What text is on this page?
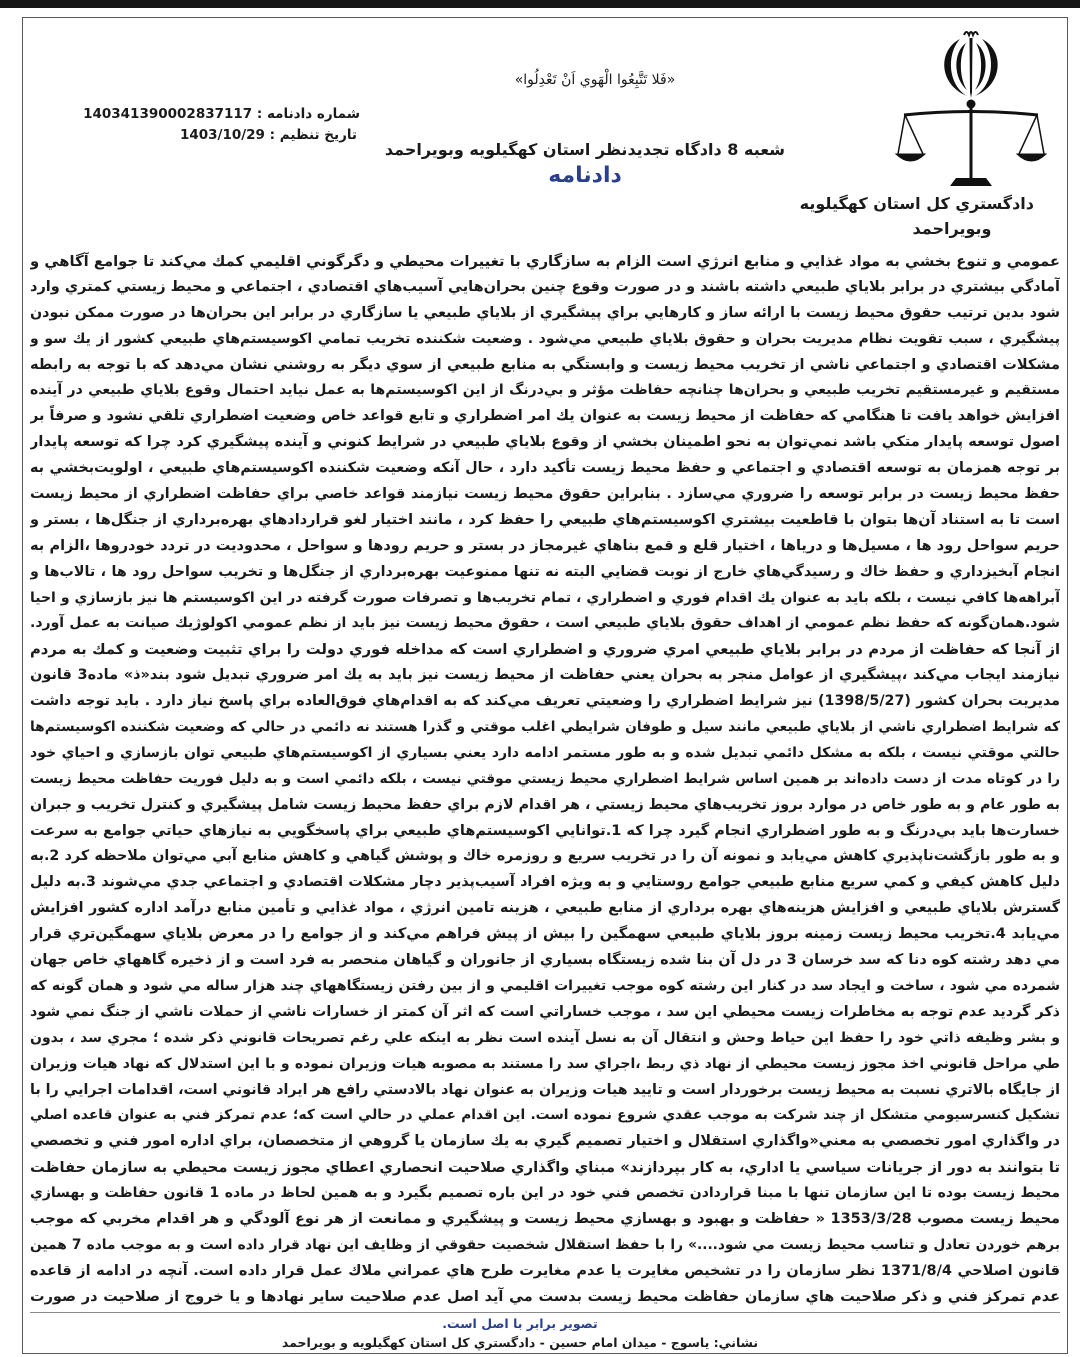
«فَلا تَتَّبِعُوا الْهَوي اَنْ تَعْدِلُوا»
شماره دادنامه : 140341390002837117
تاريخ تنظيم : 1403/10/29
شعبه 8 دادگاه تجديدنظر استان كهگيلويه وبويراحمد
دادنامه
دادگستري كل استان كهگيلويه
وبويراحمد
عمومي و تنوع بخشي به مواد غذايي و منابع انرژي است الزام به سازگاري با تغييرات محيطي و دگرگوني اقليمي كمك مي‌كند تا جوامع آگاهي و
آمادگي بيشتري در برابر بلاياي طبيعي داشته باشند و در صورت وقوع چنين بحران‌هايي آسيب‌هاي اقتصادي ، اجتماعي و محيط زيستي كمتري وارد
شود بدين ترتيب حقوق محيط زيست با ارائه ساز و كارهايي براي پيشگيري از بلاياي طبيعي يا سازگاري در برابر اين بحران‌ها در صورت ممكن نبودن
پيشگيري ، سبب تقويت نظام مديريت بحران و حقوق بلاياي طبيعي مي‌شود . وضعيت شكننده تخريب تمامي اكوسيستم‌هاي طبيعي كشور از يك سو و
مشكلات اقتصادي و اجتماعي ناشي از تخريب محيط زيست و وابستگي به منابع طبيعي از سوي ديگر به روشني نشان مي‌دهد كه با توجه به رابطه
مستقيم و غيرمستقيم تخريب طبيعي و بحران‌ها چنانچه حفاظت مؤثر و بي‌درنگ از اين اكوسيستم‌ها به عمل نيايد احتمال وقوع بلاياي طبيعي در آينده
افزايش خواهد يافت تا هنگامي كه حفاظت از محيط زيست به عنوان يك امر اضطراري و تابع قواعد خاص وضعيت اضطراري تلقي نشود و صرفاً بر
اصول توسعه پايدار متكي باشد نمي‌توان به نحو اطمينان بخشي از وقوع بلاياي طبيعي در شرايط كنوني و آينده پيشگيري كرد چرا كه توسعه پايدار
بر توجه همزمان به توسعه اقتصادي و اجتماعي و حفظ محيط زيست تأكيد دارد ، حال آنكه وضعيت شكننده اكوسيستم‌هاي طبيعي ، اولويت‌بخشي به
حفظ محيط زيست در برابر توسعه را ضروري مي‌سازد . بنابراين حقوق محيط زيست نيازمند قواعد خاصي براي حفاظت اضطراري از محيط زيست
است تا به استناد آن‌ها بتوان با قاطعيت بيشتري اكوسيستم‌هاي طبيعي را حفظ كرد ، مانند اختيار لغو قراردادهاي بهره‌برداري از جنگل‌ها ، بستر و
حريم سواحل رود ها ، مسيل‌ها و درياها ، اختيار قلع و قمع بناهاي غيرمجاز در بستر و حريم رودها و سواحل ، محدوديت در تردد خودروها ،الزام به
انجام آبخيزداري و حفظ خاك و رسيدگي‌هاي خارج از نوبت قضايي البته نه تنها ممنوعيت بهره‌برداري از جنگل‌ها و تخريب سواحل رود ها ، تالاب‌ها و
آبراهه‌ها كافي نيست ، بلكه بايد به عنوان يك اقدام فوري و اضطراري ، تمام تخريب‌ها و تصرفات صورت گرفته در اين اكوسيستم ها نيز بازسازي و احيا
شود.همان‌گونه كه حفظ نظم عمومي از اهداف حقوق بلاياي طبيعي است ، حقوق محيط زيست نيز بايد از نظم عمومي اكولوژيك صيانت به عمل آورد.
از آنجا كه حفاظت از مردم در برابر بلاياي طبيعي امري ضروري و اضطراري است كه مداخله فوري دولت را براي تثبيت وضعيت و كمك به مردم
نيازمند ايجاب مي‌كند ،پيشگيري از عوامل منجر به بحران يعني حفاظت از محيط زيست نيز بايد به يك امر ضروري تبديل شود بند«ذ» ماده3 قانون
مديريت بحران كشور (1398/5/27) نيز شرايط اضطراري را وضعيتي تعريف مي‌كند كه به اقدام‌هاي فوق‌العاده براي پاسخ نياز دارد . بايد توجه داشت
كه شرايط اضطراري ناشي از بلاياي طبيعي مانند سيل و طوفان شرايطي اغلب موقتي و گذرا هستند نه دائمي در حالي كه وضعيت شكننده اكوسيستم‌ها
حالتي موقتي نيست ، بلكه به مشكل دائمي تبديل شده و به طور مستمر ادامه دارد يعني بسياري از اكوسيستم‌هاي طبيعي توان بازسازي و احياي خود
را در كوتاه مدت از دست داده‌اند بر همين اساس شرايط اضطراري محيط زيستي موقتي نيست ، بلكه دائمي است و به دليل فوريت حفاظت محيط زيست
به طور عام و به طور خاص در موارد بروز تخريب‌هاي محيط زيستي ، هر اقدام لازم براي حفظ محيط زيست شامل پيشگيري و كنترل تخريب و جبران
خسارت‌ها بايد بي‌درنگ و به طور اضطراري انجام گيرد چرا كه 1.توانايي اكوسيستم‌هاي طبيعي براي پاسخگويي به نيازهاي حياتي جوامع به سرعت
و به طور بازگشت‌ناپذيري كاهش مي‌يابد و نمونه آن را در تخريب سريع و روزمره خاك و پوشش گياهي و كاهش منابع آبي مي‌توان ملاحظه كرد 2.به
دليل كاهش كيفي و كمي سريع منابع طبيعي جوامع روستايي و به ويژه افراد آسيب‌پذير دچار مشكلات اقتصادي و اجتماعي جدي مي‌شوند 3.به دليل
گسترش بلاياي طبيعي و افزايش هزينه‌هاي بهره برداري از منابع طبيعي ، هزينه تامين انرژي ، مواد غذايي و تأمين منابع درآمد اداره كشور افزايش
مي‌يابد 4.تخريب محيط زيست زمينه بروز بلاياي طبيعي سهمگين را بيش از پيش فراهم مي‌كند و از جوامع را در معرض بلاياي سهمگين‌تري قرار
مي دهد رشته كوه دنا كه سد خرسان 3 در دل آن بنا شده زيستگاه بسياري از جانوران و گياهان منحصر به فرد است و از ذخيره گاههاي خاص جهان
شمرده مي شود ، ساخت و ايجاد سد در كنار اين رشته كوه موجب تغييرات اقليمي و از بين رفتن زيستگاههاي چند هزار ساله مي شود و همان گونه كه
ذكر گرديد عدم توجه به مخاطرات زيست محيطي اين سد ، موجب خساراتي است كه اثر آن كمتر از خسارات ناشي از حملات ناشي از جنگ نمي شود
و بشر وظيفه ذاتي خود را حفظ اين حياط وحش و انتقال آن به نسل آينده است نظر به اينكه علي رغم تصريحات قانوني ذكر شده ؛ مجري سد ، بدون
طي مراحل قانوني اخذ مجوز زيست محيطي از نهاد ذي ربط ،اجراي سد را مستند به مصوبه هيات وزيران نموده و با اين استدلال كه نهاد هيات وزيران
از جايگاه بالاتري نسبت به محيط زيست برخوردار است و تاييد هيات وزيران به عنوان نهاد بالادستي رافع هر ايراد قانوني است، اقدامات اجرايي را با
تشكيل كنسرسيومي متشكل از چند شركت به موجب عقدي شروع نموده است. اين اقدام عملي در حالي است كه؛ عدم تمركز فني به عنوان قاعده اصلي
در واگذاري امور تخصصي به معني«واگذاري استقلال و اختيار تصميم گيري به يك سازمان يا گروهي از متخصصان، براي اداره امور فني و تخصصي
تا بتوانند به دور از جريانات سياسي يا اداري، به كار بپردازند» مبناي واگذاري صلاحيت انحصاري اعطاي مجوز زيست محيطي به سازمان حفاظت
محيط زيست بوده تا اين سازمان تنها با مبنا قراردادن تخصص فني خود در اين باره تصميم بگيرد و به همين لحاظ در ماده 1 قانون حفاظت و بهسازي
محيط زيست مصوب 1353/3/28 « حفاظت و بهبود و بهسازي محيط زيست و پيشگيري و ممانعت از هر نوع آلودگي و هر اقدام مخربي كه موجب
برهم خوردن تعادل و تناسب محيط زيست مي شود....» را با حفظ استقلال شخصيت حقوقي از وظايف اين نهاد قرار داده است و به موجب ماده 7 همين
قانون اصلاحي 1371/8/4 نظر سازمان را در تشخيص مغايرت يا عدم مغايرت طرح هاي عمراني ملاك عمل قرار داده است. آنچه در ادامه از قاعده
عدم تمركز فني و ذكر صلاحيت هاي سازمان حفاظت محيط زيست بدست مي آيد اصل عدم صلاحيت ساير نهادها و يا خروج از صلاحيت در صورت
تصوير برابر با اصل است.
نشاني: ياسوج - ميدان امام حسين - دادگستري كل استان كهگيلويه و بويراحمد
